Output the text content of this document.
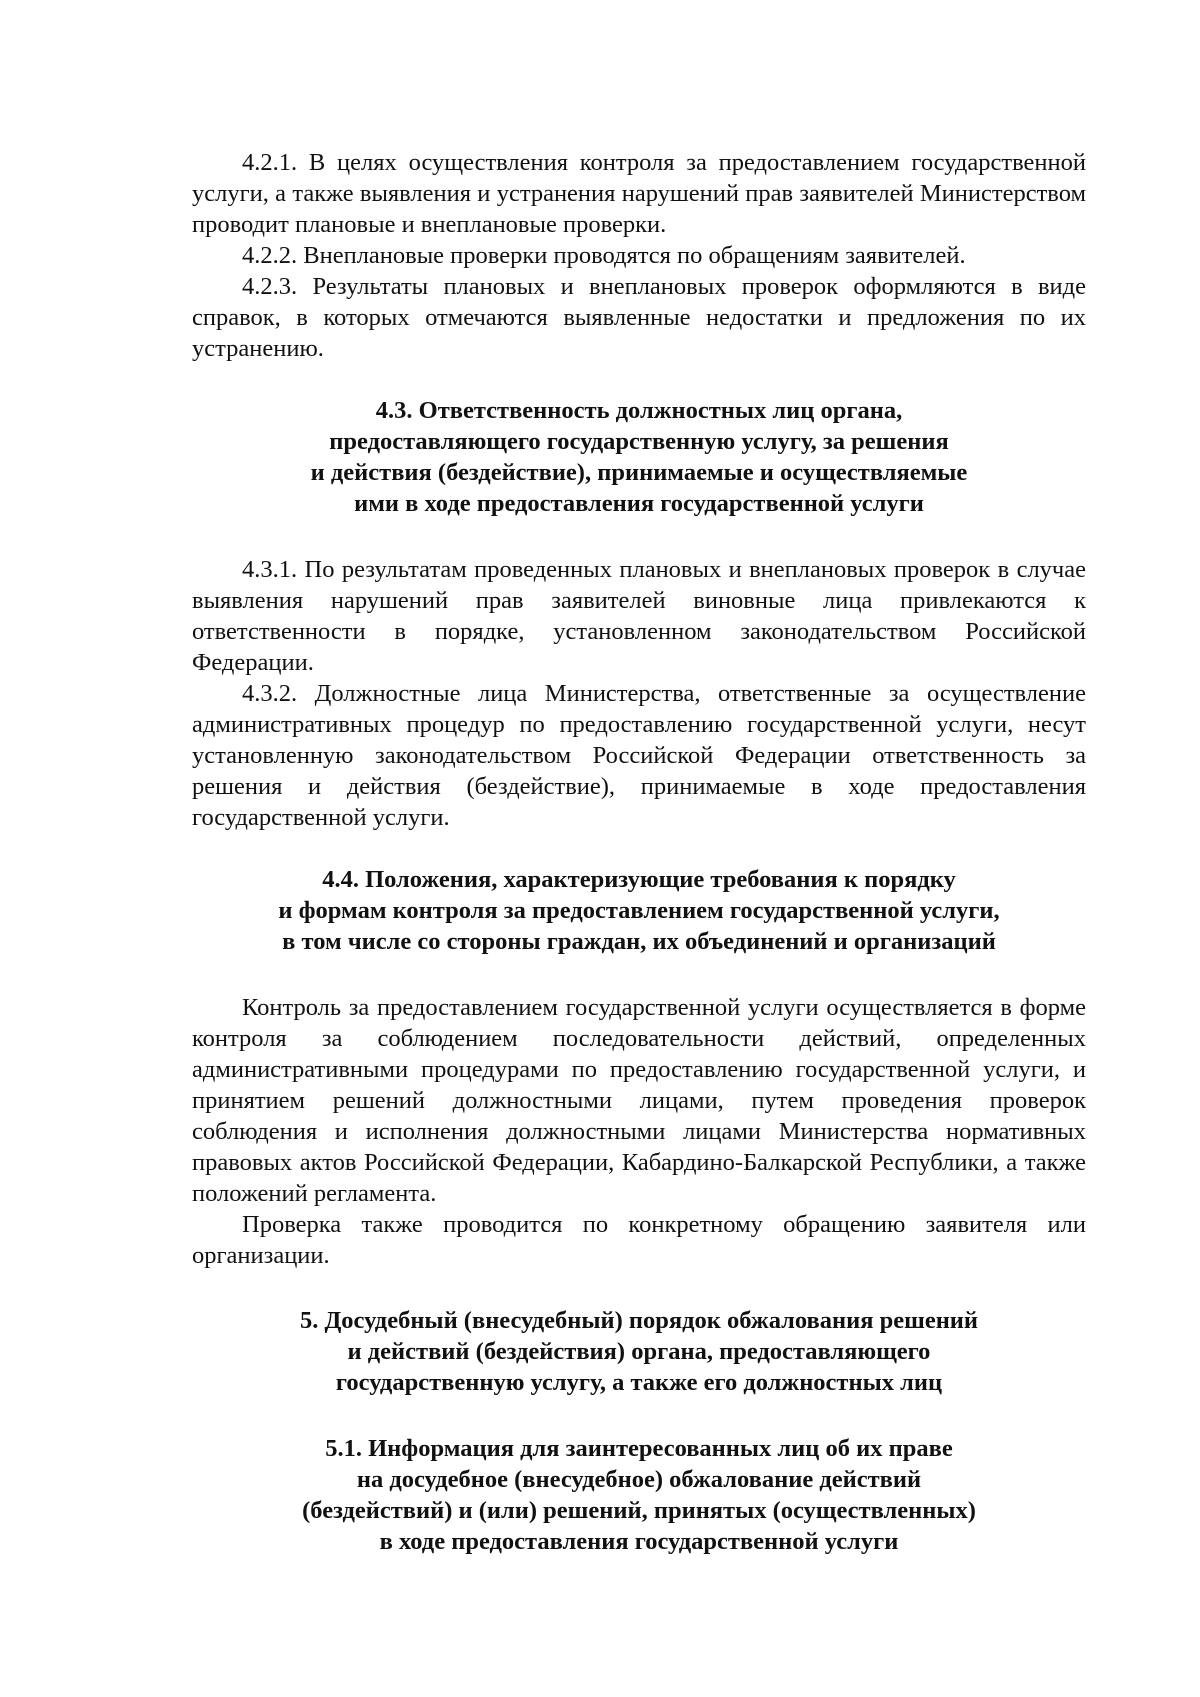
4.2.1. В целях осуществления контроля за предоставлением государственной услуги, а также выявления и устранения нарушений прав заявителей Министерством проводит плановые и внеплановые проверки.

4.2.2. Внеплановые проверки проводятся по обращениям заявителей.

4.2.3. Результаты плановых и внеплановых проверок оформляются в виде справок, в которых отмечаются выявленные недостатки и предложения по их устранению.

4.3. Ответственность должностных лиц органа,
предоставляющего государственную услугу, за решения
и действия (бездействие), принимаемые и осуществляемые
ими в ходе предоставления государственной услуги

4.3.1. По результатам проведенных плановых и внеплановых проверок в случае выявления нарушений прав заявителей виновные лица привлекаются к ответственности в порядке, установленном законодательством Российской Федерации.

4.3.2. Должностные лица Министерства, ответственные за осуществление административных процедур по предоставлению государственной услуги, несут установленную законодательством Российской Федерации ответственность за решения и действия (бездействие), принимаемые в ходе предоставления государственной услуги.

4.4. Положения, характеризующие требования к порядку
и формам контроля за предоставлением государственной услуги,
в том числе со стороны граждан, их объединений и организаций

Контроль за предоставлением государственной услуги осуществляется в форме контроля за соблюдением последовательности действий, определенных административными процедурами по предоставлению государственной услуги, и принятием решений должностными лицами, путем проведения проверок соблюдения и исполнения должностными лицами Министерства нормативных правовых актов Российской Федерации, Кабардино-Балкарской Республики, а также положений регламента.

Проверка также проводится по конкретному обращению заявителя или организации.

5. Досудебный (внесудебный) порядок обжалования решений
и действий (бездействия) органа, предоставляющего
государственную услугу, а также его должностных лиц
5.1. Информация для заинтересованных лиц об их праве
на досудебное (внесудебное) обжалование действий
(бездействий) и (или) решений, принятых (осуществленных)
в ходе предоставления государственной услуги
